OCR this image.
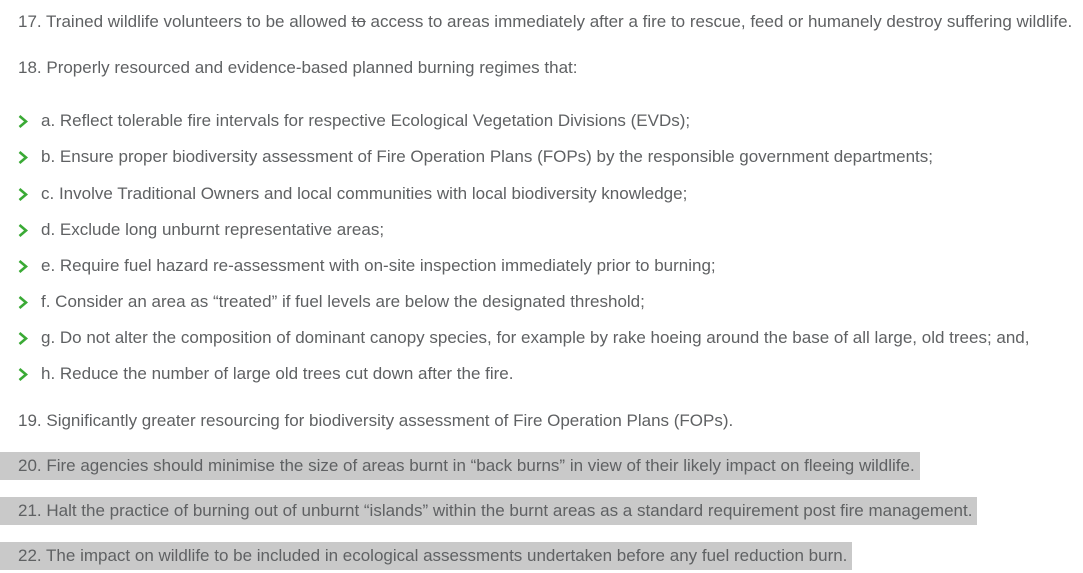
17. Trained wildlife volunteers to be allowed to access to areas immediately after a fire to rescue, feed or humanely destroy suffering wildlife.

18. Properly resourced and evidence-based planned burning regimes that:

a. Reflect tolerable fire intervals for respective Ecological Vegetation Divisions (EVDs);
b. Ensure proper biodiversity assessment of Fire Operation Plans (FOPs) by the responsible government departments;
c. Involve Traditional Owners and local communities with local biodiversity knowledge;
d. Exclude long unburnt representative areas;
e. Require fuel hazard re-assessment with on-site inspection immediately prior to burning;
f. Consider an area as “treated” if fuel levels are below the designated threshold;
g. Do not alter the composition of dominant canopy species, for example by rake hoeing around the base of all large, old trees; and,
h. Reduce the number of large old trees cut down after the fire.

19. Significantly greater resourcing for biodiversity assessment of Fire Operation Plans (FOPs).

20. Fire agencies should minimise the size of areas burnt in “back burns” in view of their likely impact on fleeing wildlife.

21. Halt the practice of burning out of unburnt “islands” within the burnt areas as a standard requirement post fire management.

22. The impact on wildlife to be included in ecological assessments undertaken before any fuel reduction burn.
